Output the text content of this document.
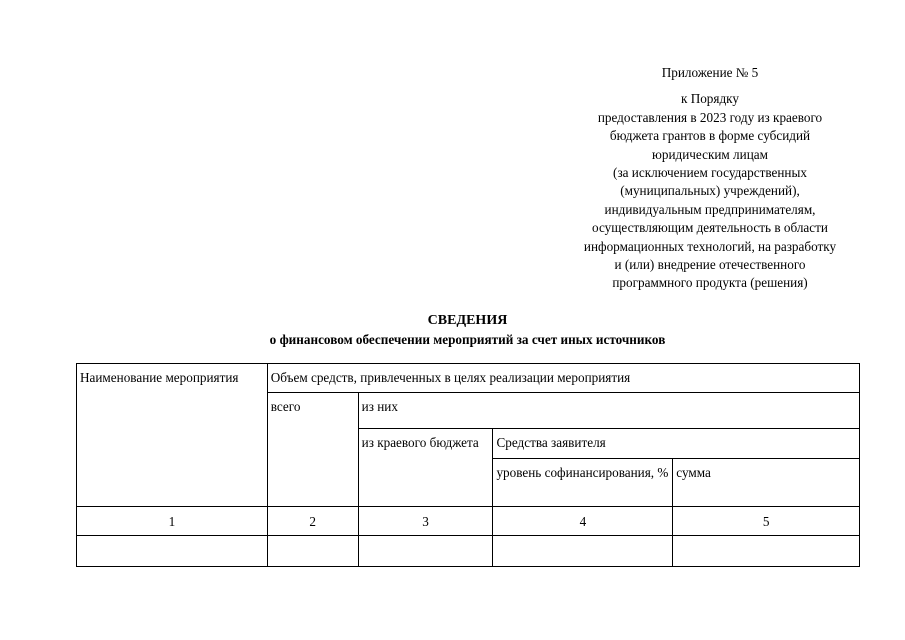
Приложение № 5
к Порядку
предоставления в 2023 году из краевого
бюджета грантов в форме субсидий
юридическим лицам
(за исключением государственных
(муниципальных) учреждений),
индивидуальным предпринимателям,
осуществляющим деятельность в области
информационных технологий, на разработку
и (или) внедрение отечественного
программного продукта (решения)
СВЕДЕНИЯ
о финансовом обеспечении мероприятий за счет иных источников
Наименование мероприятия	Объем средств, привлеченных в целях реализации мероприятия			
	всего	из них		
		из краевого бюджета	Средства заявителя	
			уровень софинансирования, %	сумма
1	2	3	4	5
